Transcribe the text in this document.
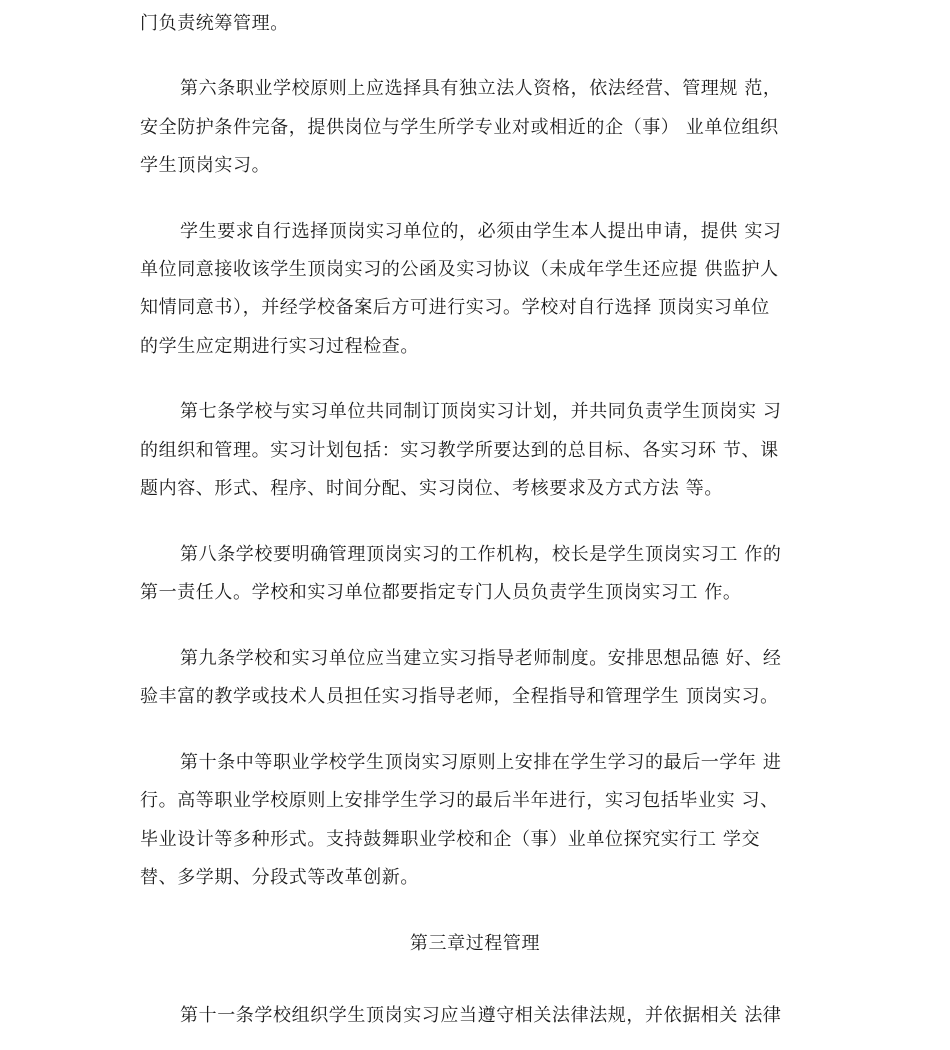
门负责统筹管理。

第六条职业学校原则上应选择具有独立法人资格，依法经营、管理规 范，

安全防护条件完备，提供岗位与学生所学专业对或相近的企（事） 业单位组织

学生顶岗实习。

学生要求自行选择顶岗实习单位的，必须由学生本人提出申请，提供 实习

单位同意接收该学生顶岗实习的公函及实习协议（未成年学生还应提 供监护人

知情同意书），并经学校备案后方可进行实习。学校对自行选择 顶岗实习单位

的学生应定期进行实习过程检查。

第七条学校与实习单位共同制订顶岗实习计划，并共同负责学生顶岗实 习

的组织和管理。实习计划包括：实习教学所要达到的总目标、各实习环 节、课

题内容、形式、程序、时间分配、实习岗位、考核要求及方式方法 等。

第八条学校要明确管理顶岗实习的工作机构，校长是学生顶岗实习工 作的

第一责任人。学校和实习单位都要指定专门人员负责学生顶岗实习工 作。

第九条学校和实习单位应当建立实习指导老师制度。安排思想品德 好、经

验丰富的教学或技术人员担任实习指导老师，全程指导和管理学生 顶岗实习。

第十条中等职业学校学生顶岗实习原则上安排在学生学习的最后一学年 进

行。高等职业学校原则上安排学生学习的最后半年进行，实习包括毕业实 习、

毕业设计等多种形式。支持鼓舞职业学校和企（事）业单位探究实行工 学交

替、多学期、分段式等改革创新。

第三章过程管理

第十一条学校组织学生顶岗实习应当遵守相关法律法规，并依据相关 法律
